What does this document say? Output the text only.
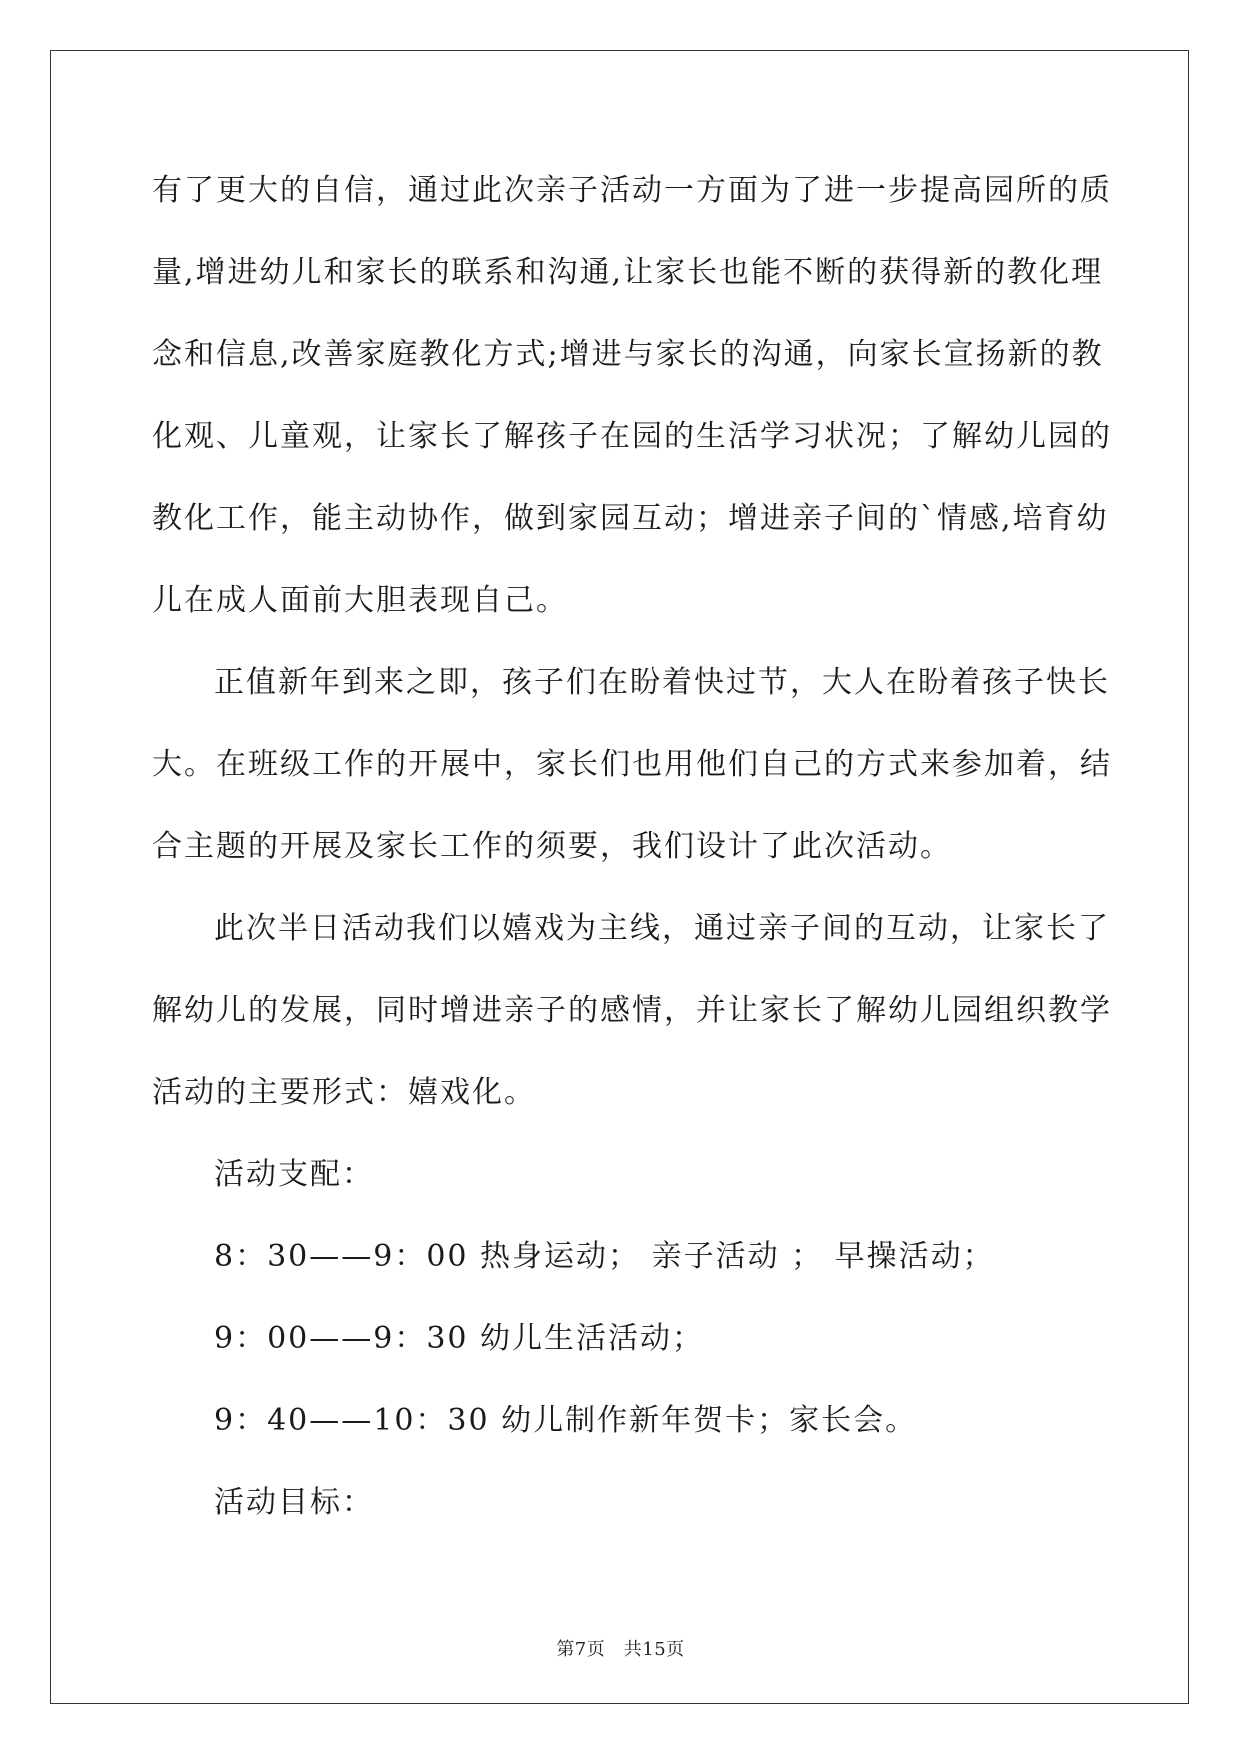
有了更大的自信，通过此次亲子活动一方面为了进一步提高园所的质
量,增进幼儿和家长的联系和沟通,让家长也能不断的获得新的教化理
念和信息,改善家庭教化方式;增进与家长的沟通，向家长宣扬新的教
化观、儿童观，让家长了解孩子在园的生活学习状况；了解幼儿园的
教化工作，能主动协作，做到家园互动；增进亲子间的`情感,培育幼
儿在成人面前大胆表现自己。
正值新年到来之即，孩子们在盼着快过节，大人在盼着孩子快长
大。在班级工作的开展中，家长们也用他们自己的方式来参加着，结
合主题的开展及家长工作的须要，我们设计了此次活动。
此次半日活动我们以嬉戏为主线，通过亲子间的互动，让家长了
解幼儿的发展，同时增进亲子的感情，并让家长了解幼儿园组织教学
活动的主要形式：嬉戏化。
活动支配：
8：30——9：00 热身运动； 亲子活动 ； 早操活动；
9：00——9：30 幼儿生活活动；
9：40——10：30 幼儿制作新年贺卡；家长会。
活动目标：
第7页　共15页
